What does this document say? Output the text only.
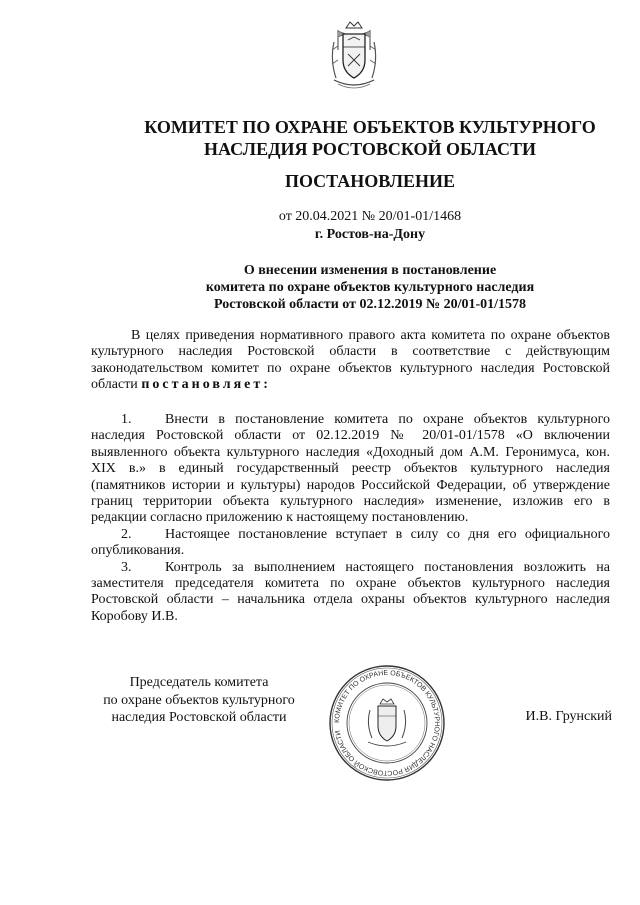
КОМИТЕТ ПО ОХРАНЕ ОБЪЕКТОВ КУЛЬТУРНОГО
НАСЛЕДИЯ РОСТОВСКОЙ ОБЛАСТИ
ПОСТАНОВЛЕНИЕ
от 20.04.2021 № 20/01-01/1468
г. Ростов-на-Дону
О внесении изменения в постановление
комитета по охране объектов культурного наследия
Ростовской области от 02.12.2019 № 20/01-01/1578
В целях приведения нормативного правого акта комитета по охране объектов культурного наследия Ростовской области в соответствие с действующим законодательством комитет по охране объектов культурного наследия Ростовской области постановляет:

1. Внести в постановление комитета по охране объектов культурного наследия Ростовской области от 02.12.2019 № 20/01-01/1578 «О включении выявленного объекта культурного наследия «Доходный дом А.М. Геронимуса, кон. XIX в.» в единый государственный реестр объектов культурного наследия (памятников истории и культуры) народов Российской Федерации, об утверждение границ территории объекта культурного наследия» изменение, изложив его в редакции согласно приложению к настоящему постановлению.

2. Настоящее постановление вступает в силу со дня его официального опубликования.

3. Контроль за выполнением настоящего постановления возложить на заместителя председателя комитета по охране объектов культурного наследия Ростовской области – начальника отдела охраны объектов культурного наследия Коробову И.В.

Председатель комитета
по охране объектов культурного
наследия Ростовской области	КОМИТЕТ ПО ОХРАНЕ ОБЪЕКТОВ КУЛЬТУРНОГО НАСЛЕДИЯ РОСТОВСКОЙ ОБЛАСТИ
И.В. Грунский
